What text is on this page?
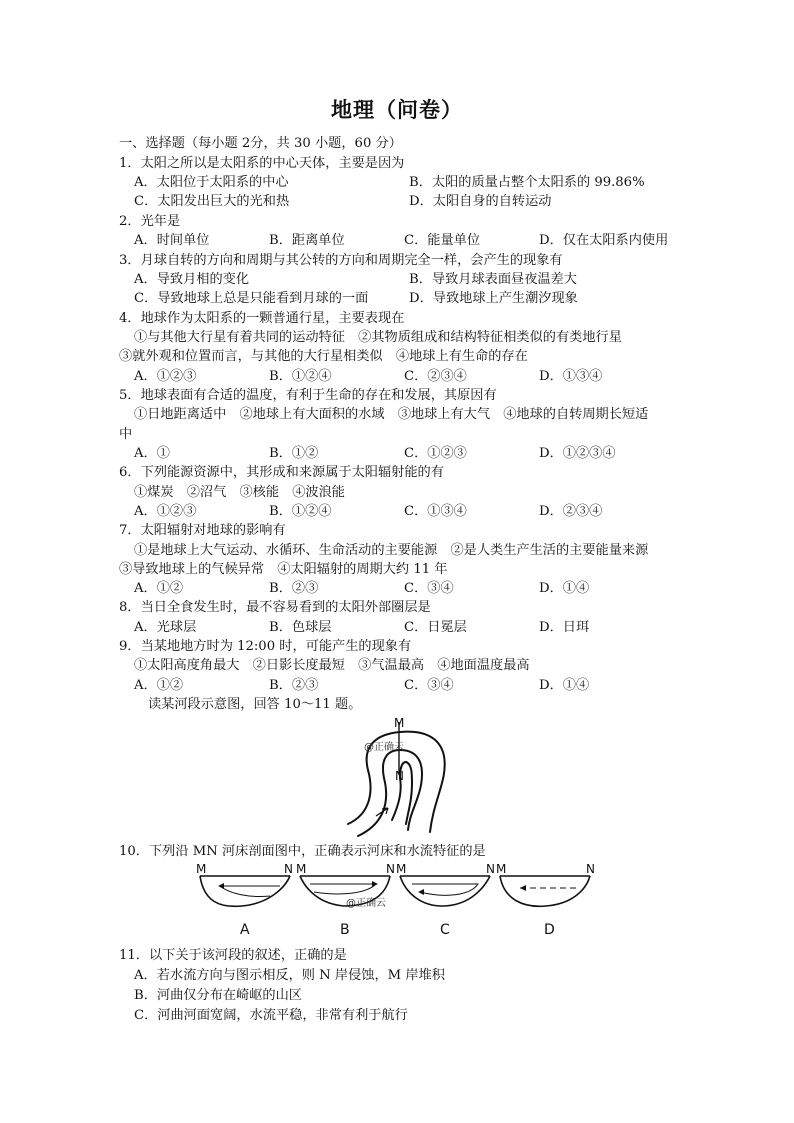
地理（问卷）
一、选择题（每小题 2分，共 30 小题，60 分）
1．太阳之所以是太阳系的中心天体，主要是因为
A．太阳位于太阳系的中心	B．太阳的质量占整个太阳系的 99.86%
C．太阳发出巨大的光和热	D．太阳自身的自转运动
2．光年是
A．时间单位	B．距离单位	C．能量单位	D．仅在太阳系内使用
3．月球自转的方向和周期与其公转的方向和周期完全一样，会产生的现象有
A．导致月相的变化	B．导致月球表面昼夜温差大
C．导致地球上总是只能看到月球的一面	D．导致地球上产生潮汐现象
4．地球作为太阳系的一颗普通行星，主要表现在
①与其他大行星有着共同的运动特征　②其物质组成和结构特征相类似的有类地行星
③就外观和位置而言，与其他的大行星相类似　④地球上有生命的存在
A．①②③	B．①②④	C．②③④	D．①③④
5．地球表面有合适的温度，有利于生命的存在和发展，其原因有
①日地距离适中　②地球上有大面积的水域　③地球上有大气　④地球的自转周期长短适
中
A．①	B．①②	C．①②③	D．①②③④
6．下列能源资源中，其形成和来源属于太阳辐射能的有
①煤炭　②沼气　③核能　④波浪能
A．①②③	B．①②④	C．①③④	D．②③④
7．太阳辐射对地球的影响有
①是地球上大气运动、水循环、生命活动的主要能源　②是人类生产生活的主要能量来源
③导致地球上的气候异常　④太阳辐射的周期大约 11 年
A．①②	B．②③	C．③④	D．①④
8．当日全食发生时，最不容易看到的太阳外部圈层是
A．光球层	B．色球层	C．日冕层	D．日珥
9．当某地地方时为 12:00 时，可能产生的现象有
①太阳高度角最大　②日影长度最短　③气温最高　④地面温度最高
A．①②	B．②③	C．③④	D．①④
读某河段示意图，回答 10～11 题。
M
N
@正确云
10．下列沿 MN 河床剖面图中，正确表示河床和水流特征的是
M	N
A
M	N
B
M	N
C
M	N
D
@正确云
11．以下关于该河段的叙述，正确的是
A．若水流方向与图示相反，则 N 岸侵蚀，M 岸堆积
B．河曲仅分布在崎岖的山区
C．河曲河面宽阔，水流平稳，非常有利于航行
